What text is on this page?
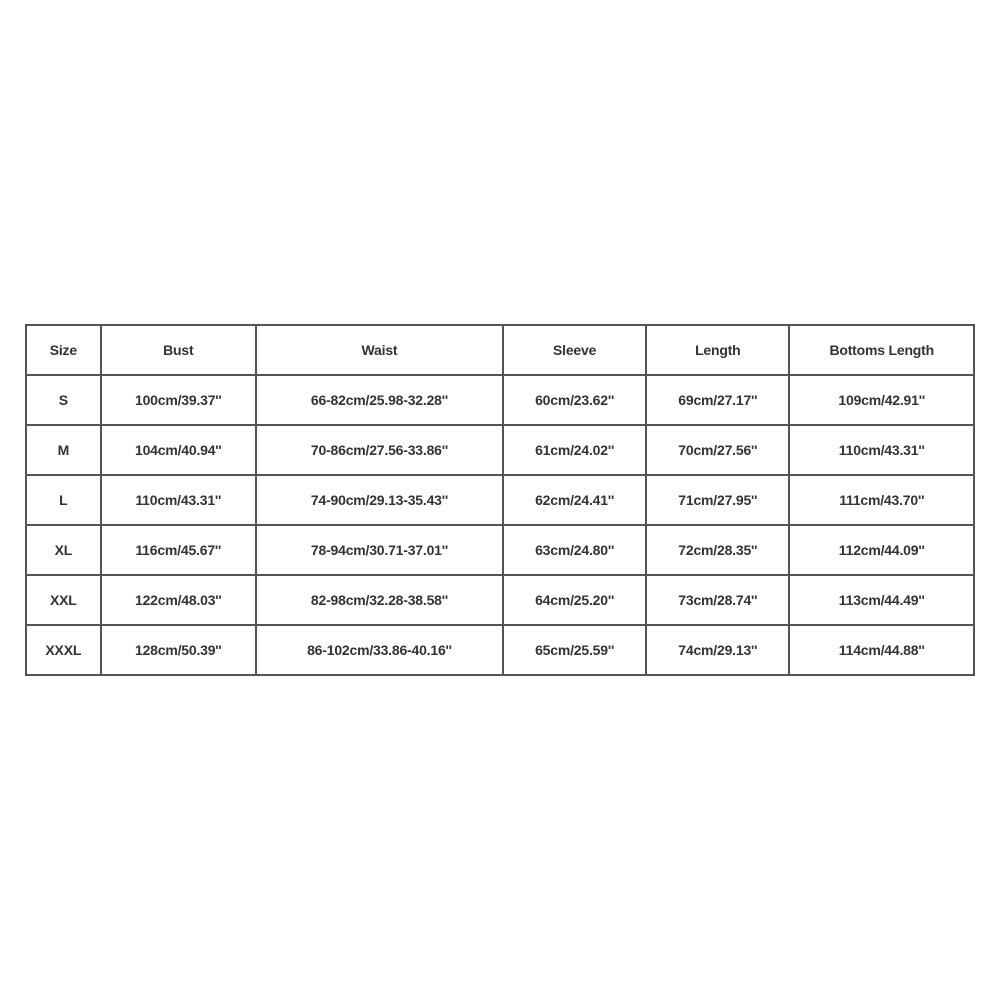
Size	Bust	Waist	Sleeve	Length	Bottoms Length
S	100cm/39.37''	66-82cm/25.98-32.28''	60cm/23.62''	69cm/27.17''	109cm/42.91''
M	104cm/40.94''	70-86cm/27.56-33.86''	61cm/24.02''	70cm/27.56''	110cm/43.31''
L	110cm/43.31''	74-90cm/29.13-35.43''	62cm/24.41''	71cm/27.95''	111cm/43.70''
XL	116cm/45.67''	78-94cm/30.71-37.01''	63cm/24.80''	72cm/28.35''	112cm/44.09''
XXL	122cm/48.03''	82-98cm/32.28-38.58''	64cm/25.20''	73cm/28.74''	113cm/44.49''
XXXL	128cm/50.39''	86-102cm/33.86-40.16''	65cm/25.59''	74cm/29.13''	114cm/44.88''
